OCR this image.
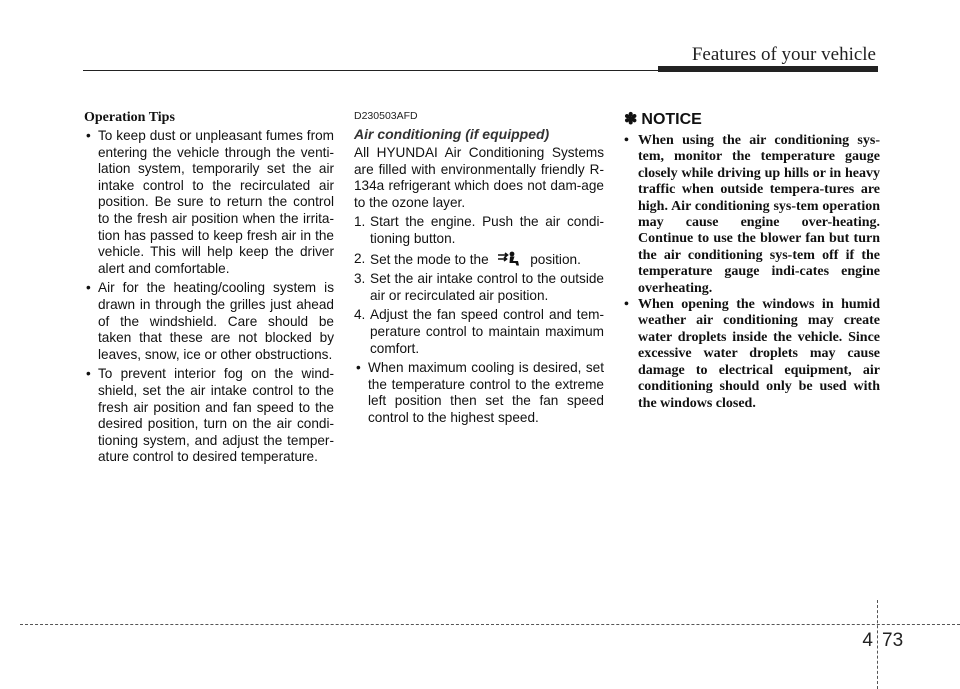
Features of your vehicle

Operation Tips

• To keep dust or unpleasant fumes from entering the vehicle through the venti-lation system, temporarily set the air intake control to the recirculated air position. Be sure to return the control to the fresh air position when the irrita-tion has passed to keep fresh air in the vehicle. This will help keep the driver alert and comfortable.
• Air for the heating/cooling system is drawn in through the grilles just ahead of the windshield. Care should be taken that these are not blocked by leaves, snow, ice or other obstructions.
• To prevent interior fog on the wind-shield, set the air intake control to the fresh air position and fan speed to the desired position, turn on the air condi-tioning system, and adjust the temper-ature control to desired temperature.

D230503AFD

Air conditioning (if equipped)

All HYUNDAI Air Conditioning Systems are filled with environmentally friendly R-134a refrigerant which does not dam-age to the ozone layer.

1. Start the engine. Push the air condi-tioning button.
2. Set the mode to the	position.
3. Set the air intake control to the outside air or recirculated air position.
4. Adjust the fan speed control and tem-perature control to maintain maximum comfort.
• When maximum cooling is desired, set the temperature control to the extreme left position then set the fan speed control to the highest speed.
✽ NOTICE
• When using the air conditioning sys-tem, monitor the temperature gauge closely while driving up hills or in heavy traffic when outside tempera-tures are high. Air conditioning sys-tem operation may cause engine over-heating. Continue to use the blower fan but turn the air conditioning sys-tem off if the temperature gauge indi-cates engine overheating.
• When opening the windows in humid weather air conditioning may create water droplets inside the vehicle. Since excessive water droplets may cause damage to electrical equipment, air conditioning should only be used with the windows closed.
4 73
